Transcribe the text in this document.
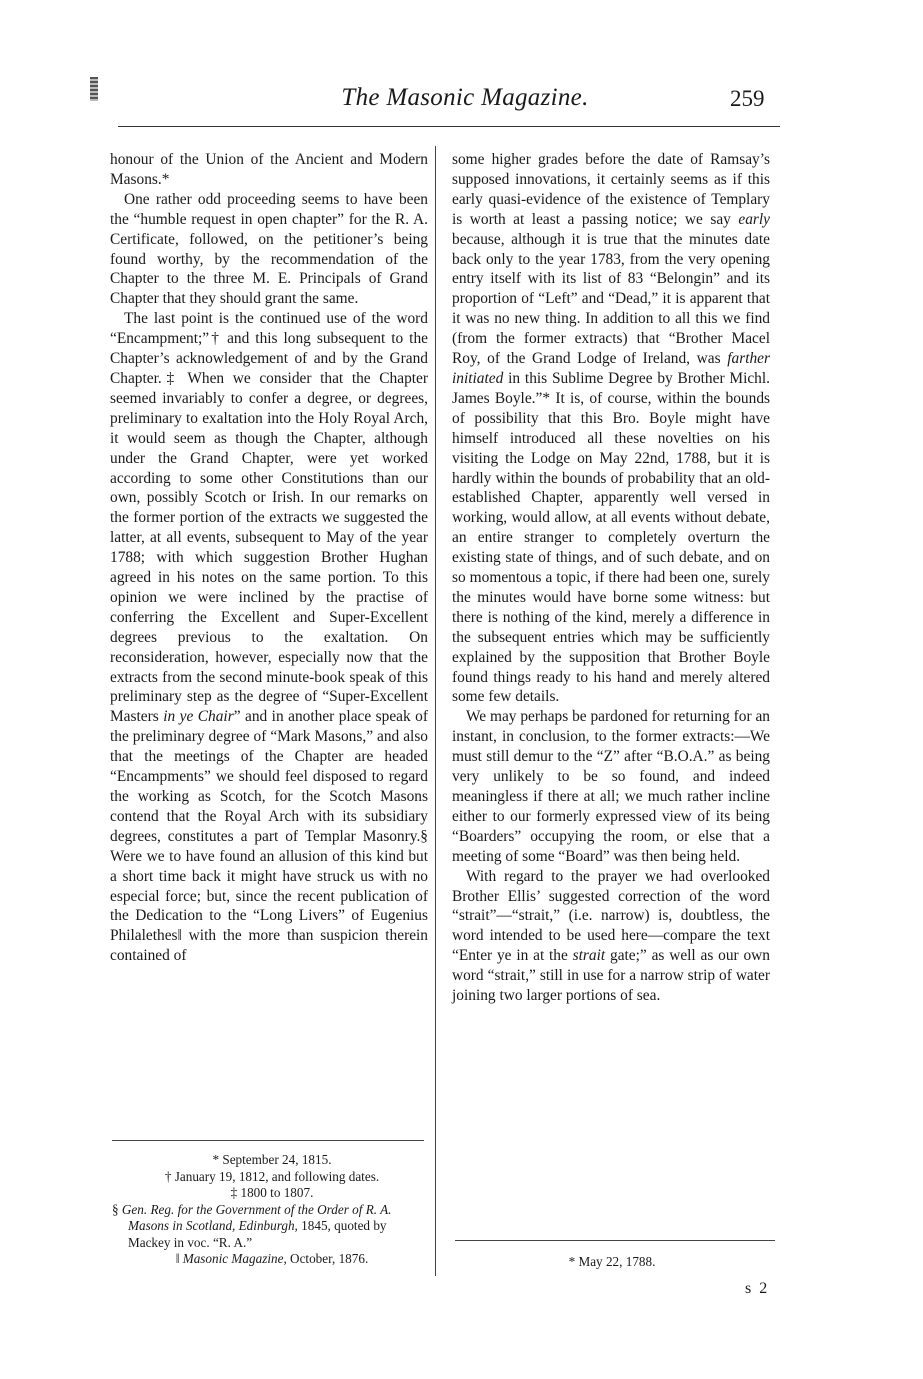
The Masonic Magazine.	259

honour of the Union of the Ancient and Modern Masons.*

One rather odd proceeding seems to have been the “humble request in open chapter” for the R. A. Certificate, followed, on the petitioner’s being found worthy, by the recommendation of the Chapter to the three M. E. Principals of Grand Chapter that they should grant the same.

The last point is the continued use of the word “Encampment;”† and this long subsequent to the Chapter’s acknowledgement of and by the Grand Chapter.‡ When we consider that the Chapter seemed invariably to confer a degree, or degrees, preliminary to exaltation into the Holy Royal Arch, it would seem as though the Chapter, although under the Grand Chapter, were yet worked according to some other Constitutions than our own, possibly Scotch or Irish. In our remarks on the former portion of the extracts we suggested the latter, at all events, subsequent to May of the year 1788; with which suggestion Brother Hughan agreed in his notes on the same portion. To this opinion we were inclined by the practise of conferring the Excellent and Super-Excellent degrees previous to the exaltation. On reconsideration, however, especially now that the extracts from the second minute-book speak of this preliminary step as the degree of “Super-Excellent Masters in ye Chair” and in another place speak of the preliminary degree of “Mark Masons,” and also that the meetings of the Chapter are headed “Encampments” we should feel disposed to regard the working as Scotch, for the Scotch Masons contend that the Royal Arch with its subsidiary degrees, constitutes a part of Templar Masonry.§ Were we to have found an allusion of this kind but a short time back it might have struck us with no especial force; but, since the recent publication of the Dedication to the “Long Livers” of Eugenius Philalethes‖ with the more than suspicion therein contained of

some higher grades before the date of Ramsay’s supposed innovations, it certainly seems as if this early quasi-evidence of the existence of Templary is worth at least a passing notice; we say early because, although it is true that the minutes date back only to the year 1783, from the very opening entry itself with its list of 83 “Belongin” and its proportion of “Left” and “Dead,” it is apparent that it was no new thing. In addition to all this we find (from the former extracts) that “Brother Macel Roy, of the Grand Lodge of Ireland, was farther initiated in this Sublime Degree by Brother Michl. James Boyle.”* It is, of course, within the bounds of possibility that this Bro. Boyle might have himself introduced all these novelties on his visiting the Lodge on May 22nd, 1788, but it is hardly within the bounds of probability that an old-established Chapter, apparently well versed in working, would allow, at all events without debate, an entire stranger to completely overturn the existing state of things, and of such debate, and on so momentous a topic, if there had been one, surely the minutes would have borne some witness: but there is nothing of the kind, merely a difference in the subsequent entries which may be sufficiently explained by the supposition that Brother Boyle found things ready to his hand and merely altered some few details.

We may perhaps be pardoned for returning for an instant, in conclusion, to the former extracts:—We must still demur to the “Z” after “B.O.A.” as being very unlikely to be so found, and indeed meaningless if there at all; we much rather incline either to our formerly expressed view of its being “Boarders” occupying the room, or else that a meeting of some “Board” was then being held.

With regard to the prayer we had overlooked Brother Ellis’ suggested correction of the word “strait”—“strait,” (i.e. narrow) is, doubtless, the word intended to be used here—compare the text “Enter ye in at the strait gate;” as well as our own word “strait,” still in use for a narrow strip of water joining two larger portions of sea.

* September 24, 1815.

† January 19, 1812, and following dates.

‡ 1800 to 1807.

§ Gen. Reg. for the Government of the Order of R. A. Masons in Scotland, Edinburgh, 1845, quoted by Mackey in voc. “R. A.”

‖ Masonic Magazine, October, 1876.	* May 22, 1788.

s 2
